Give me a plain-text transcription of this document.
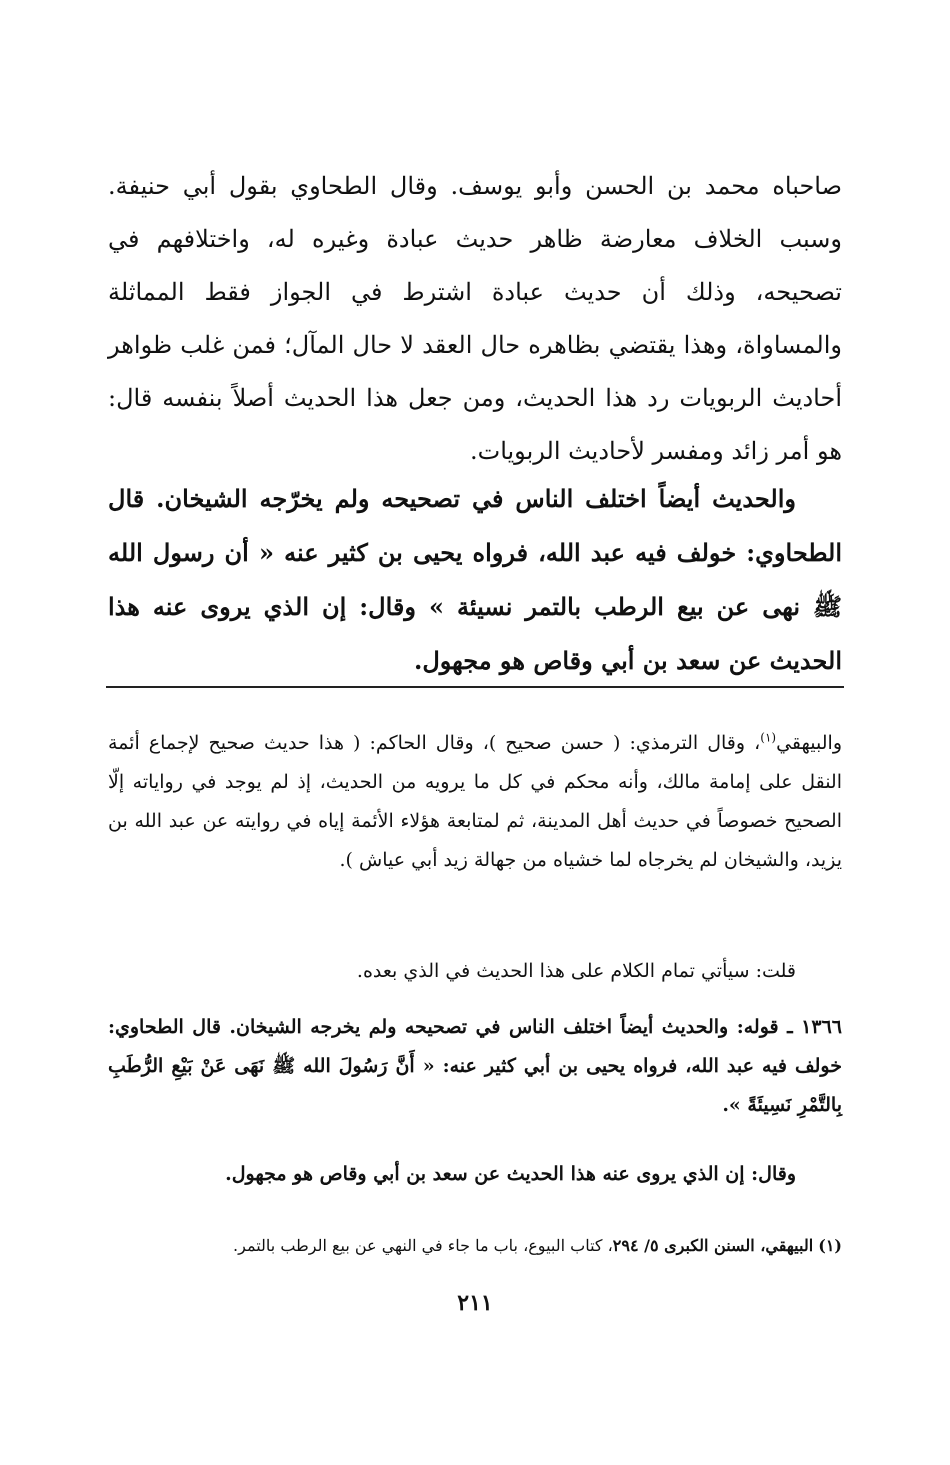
صاحباه محمد بن الحسن وأبو يوسف. وقال الطحاوي بقول أبي حنيفة. وسبب الخلاف معارضة ظاهر حديث عبادة وغيره له، واختلافهم في تصحيحه، وذلك أن حديث عبادة اشترط في الجواز فقط المماثلة والمساواة، وهذا يقتضي بظاهره حال العقد لا حال المآل؛ فمن غلب ظواهر أحاديث الربويات رد هذا الحديث، ومن جعل هذا الحديث أصلاً بنفسه قال: هو أمر زائد ومفسر لأحاديث الربويات.

والحديث أيضاً اختلف الناس في تصحيحه ولم يخرّجه الشيخان. قال الطحاوي: خولف فيه عبد الله، فرواه يحيى بن كثير عنه « أن رسول الله ﷺ نهى عن بيع الرطب بالتمر نسيئة » وقال: إن الذي يروى عنه هذا الحديث عن سعد بن أبي وقاص هو مجهول.

والبيهقي$^{(١)}$، وقال الترمذي: ( حسن صحيح )، وقال الحاكم: ( هذا حديث صحيح لإجماع أئمة النقل على إمامة مالك، وأنه محكم في كل ما يرويه من الحديث، إذ لم يوجد في رواياته إلّا الصحيح خصوصاً في حديث أهل المدينة، ثم لمتابعة هؤلاء الأئمة إياه في روايته عن عبد الله بن يزيد، والشيخان لم يخرجاه لما خشياه من جهالة زيد أبي عياش ).

قلت: سيأتي تمام الكلام على هذا الحديث في الذي بعده.

١٣٦٦ ـ قوله: والحديث أيضاً اختلف الناس في تصحيحه ولم يخرجه الشيخان. قال الطحاوي: خولف فيه عبد الله، فرواه يحيى بن أبي كثير عنه: « أَنَّ رَسُولَ الله ﷺ نَهَى عَنْ بَيْعِ الرُّطَبِ بِالتَّمْرِ نَسِيئَةً ».

وقال: إن الذي يروى عنه هذا الحديث عن سعد بن أبي وقاص هو مجهول.

(١) البيهقي، السنن الكبرى ٥/ ٢٩٤، كتاب البيوع، باب ما جاء في النهي عن بيع الرطب بالتمر.

٢١١
